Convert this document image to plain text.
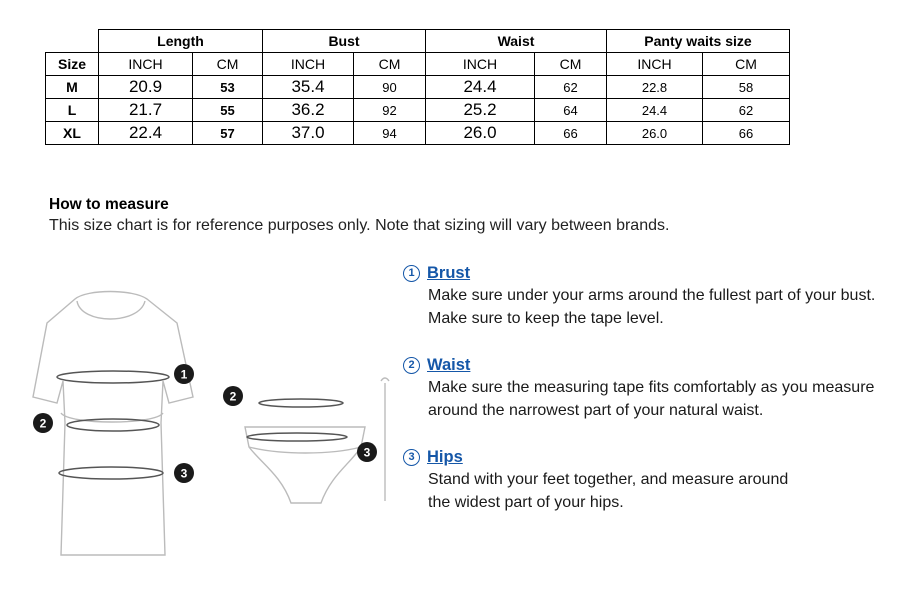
	Length		Bust		Waist		Panty waits size	
Size	INCH	CM	INCH	CM	INCH	CM	INCH	CM
M	20.9	53	35.4	90	24.4	62	22.8	58
L	21.7	55	36.2	92	25.2	64	24.4	62
XL	22.4	57	37.0	94	26.0	66	26.0	66
How to measure
This size chart is for reference purposes only. Note that sizing will vary between brands.
1
2
3
2
3
1 Brust
Make sure under your arms around the fullest part of your bust.
Make sure to keep the tape level.
2 Waist
Make sure the measuring tape fits comfortably as you measure
around the narrowest part of your natural waist.
3 Hips
Stand with your feet together, and measure around
the widest part of your hips.
